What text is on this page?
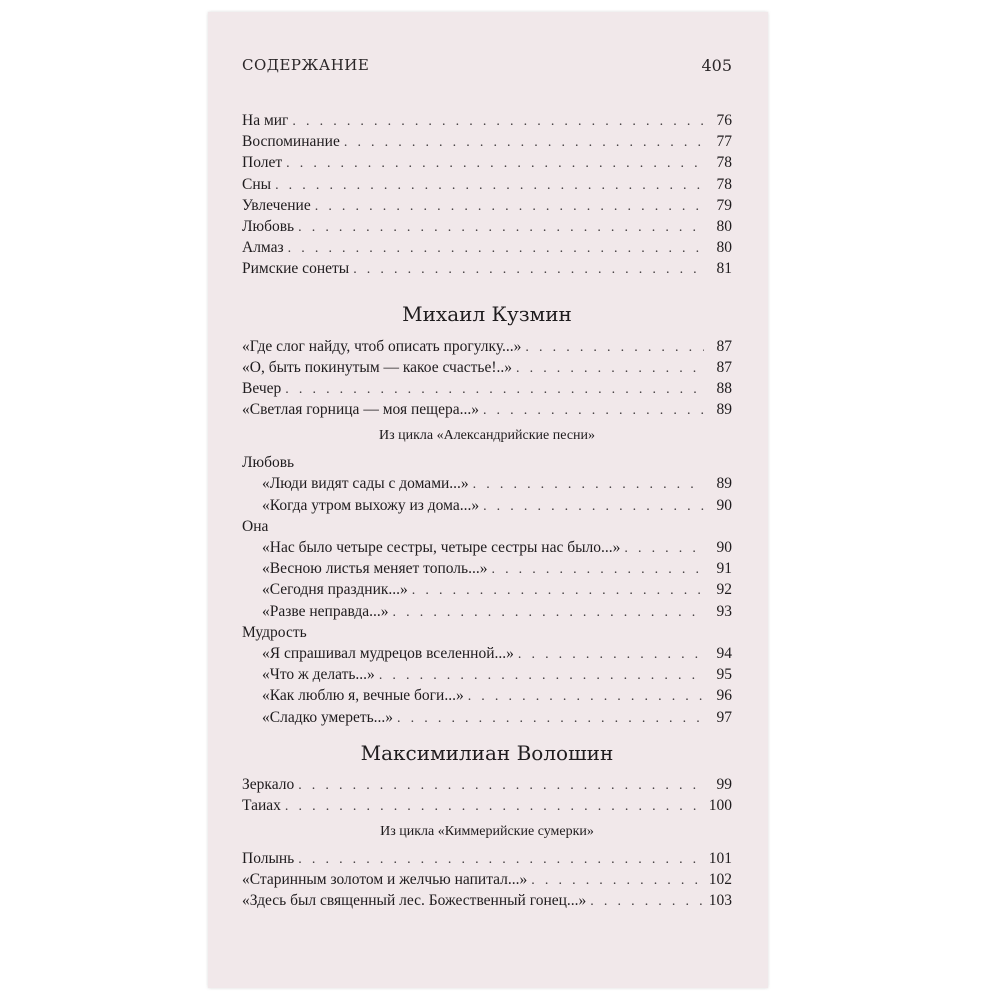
СОДЕРЖАНИЕ	405
На миг . . .	76
Воспоминание . . .	77
Полет . . .	78
Сны . . .	78
Увлечение . . .	79
Любовь . . .	80
Алмаз . . .	80
Римские сонеты . . .	81
Михаил Кузмин
«Где слог найду, чтоб описать прогулку...» . . .	87
«О, быть покинутым — какое счастье!..» . . .	87
Вечер . . .	88
«Светлая горница — моя пещера...» . . .	89
Из цикла «Александрийские песни»
Любовь
«Люди видят сады с домами...» . . .	89
«Когда утром выхожу из дома...» . . .	90
Она
«Нас было четыре сестры, четыре сестры нас было...» . . .	90
«Весною листья меняет тополь...» . . .	91
«Сегодня праздник...» . . .	92
«Разве неправда...» . . .	93
Мудрость
«Я спрашивал мудрецов вселенной...» . . .	94
«Что ж делать...» . . .	95
«Как люблю я, вечные боги...» . . .	96
«Сладко умереть...» . . .	97
Максимилиан Волошин
Зеркало . . .	99
Таиах . . .	100
Из цикла «Киммерийские сумерки»
Полынь . . .	101
«Старинным золотом и желчью напитал...» . . .	102
«Здесь был священный лес. Божественный гонец...» . . .	103
